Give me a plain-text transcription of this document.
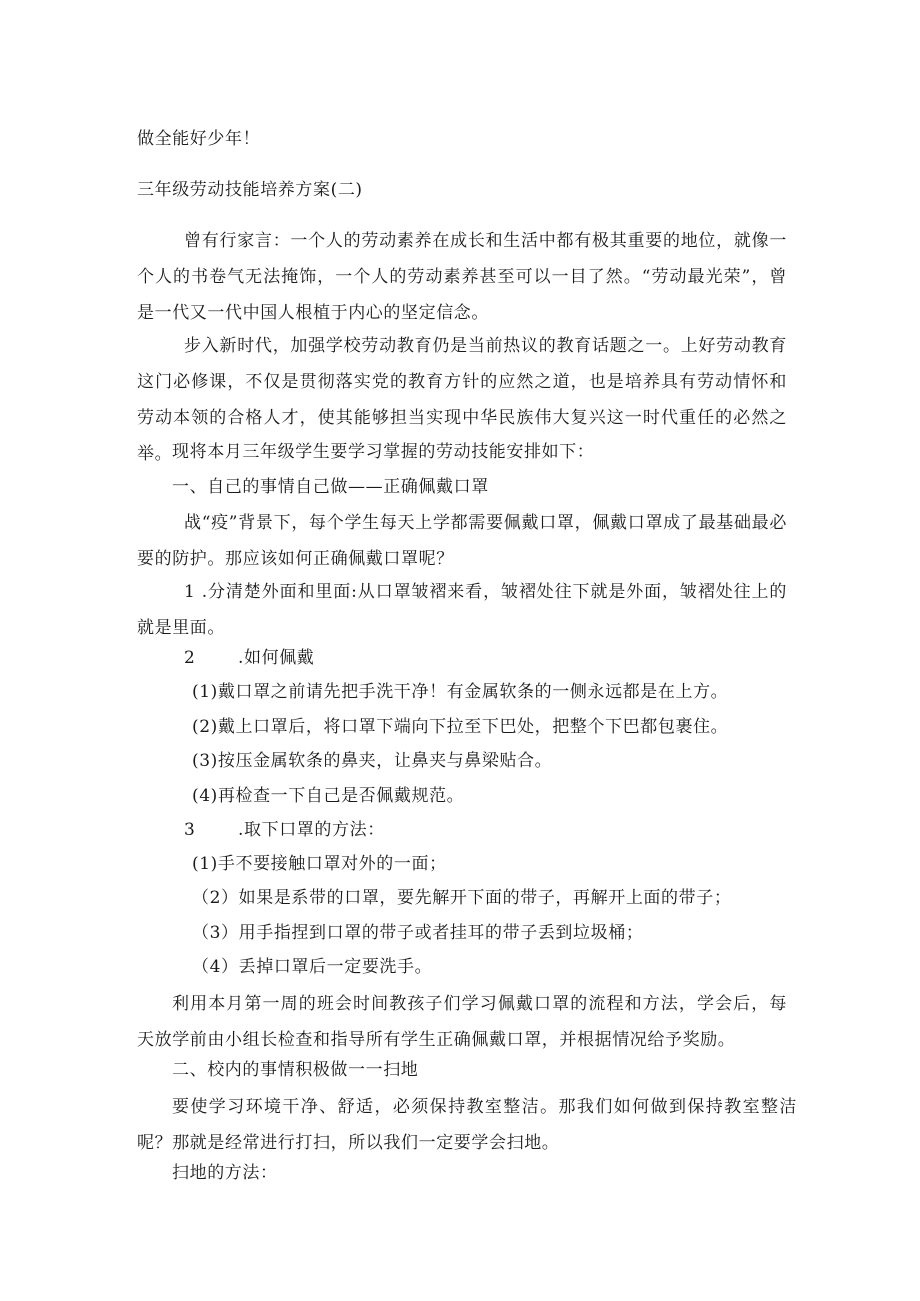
做全能好少年！
三年级劳动技能培养方案(二)
曾有行家言：一个人的劳动素养在成长和生活中都有极其重要的地位，就像一个人的书卷气无法掩饰，一个人的劳动素养甚至可以一目了然。“劳动最光荣”，曾是一代又一代中国人根植于内心的坚定信念。
步入新时代，加强学校劳动教育仍是当前热议的教育话题之一。上好劳动教育这门必修课，不仅是贯彻落实党的教育方针的应然之道，也是培养具有劳动情怀和劳动本领的合格人才，使其能够担当实现中华民族伟大复兴这一时代重任的必然之举。 现将本月三年级学生要学习掌握的劳动技能安排如下：
一、自己的事情自己做——正确佩戴口罩
战“疫”背景下，每个学生每天上学都需要佩戴口罩，佩戴口罩成了最基础最必要的防护。那应该如何正确佩戴口罩呢？
1 .分清楚外面和里面:从口罩皱褶来看，皱褶处往下就是外面，皱褶处往上的就是里面。
2	.如何佩戴
(1)戴口罩之前请先把手洗干净！有金属软条的一侧永远都是在上方。
(2)戴上口罩后，将口罩下端向下拉至下巴处，把整个下巴都包裹住。
(3)按压金属软条的鼻夹，让鼻夹与鼻梁贴合。
(4)再检查一下自己是否佩戴规范。
3	.取下口罩的方法：
(1)手不要接触口罩对外的一面；
（2）如果是系带的口罩，要先解开下面的带子，再解开上面的带子；
（3）用手指捏到口罩的带子或者挂耳的带子丢到垃圾桶；
（4）丢掉口罩后一定要洗手。
利用本月第一周的班会时间教孩子们学习佩戴口罩的流程和方法，学会后，每天放学前由小组长检查和指导所有学生正确佩戴口罩，并根据情况给予奖励。
二、校内的事情积极做一一扫地
要使学习环境干净、舒适，必须保持教室整洁。那我们如何做到保持教室整洁呢？那就是经常进行打扫，所以我们一定要学会扫地。
扫地的方法：
